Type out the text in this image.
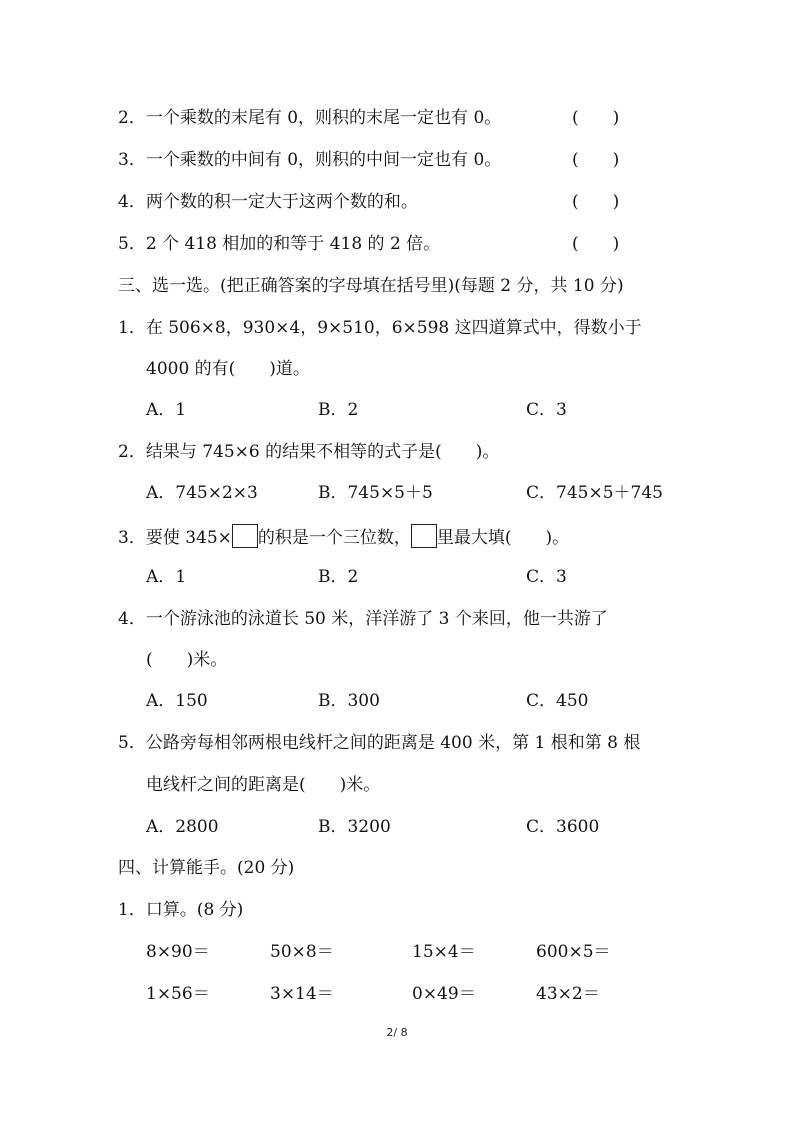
2．一个乘数的末尾有 0，则积的末尾一定也有 0。	(　　)
3．一个乘数的中间有 0，则积的中间一定也有 0。	(　　)
4．两个数的积一定大于这两个数的和。	(　　)
5．2 个 418 相加的和等于 418 的 2 倍。	(　　)
三、选一选。(把正确答案的字母填在括号里)(每题 2 分，共 10 分)
1．在 506×8，930×4，9×510，6×598 这四道算式中，得数小于
4000 的有(　　)道。
A．1	B．2	C．3
2．结果与 745×6 的结果不相等的式子是(　　)。
A．745×2×3	B．745×5＋5	C．745×5＋745
3．要使 345× 的积是一个三位数， 里最大填(　　)。
A．1	B．2	C．3
4．一个游泳池的泳道长 50 米，洋洋游了 3 个来回，他一共游了
(　　)米。
A．150	B．300	C．450
5．公路旁每相邻两根电线杆之间的距离是 400 米，第 1 根和第 8 根
电线杆之间的距离是(　　)米。
A．2800	B．3200	C．3600
四、计算能手。(20 分)
1．口算。(8 分)
8×90＝	50×8＝	15×4＝	600×5＝
1×56＝	3×14＝	0×49＝	43×2＝
2/ 8
